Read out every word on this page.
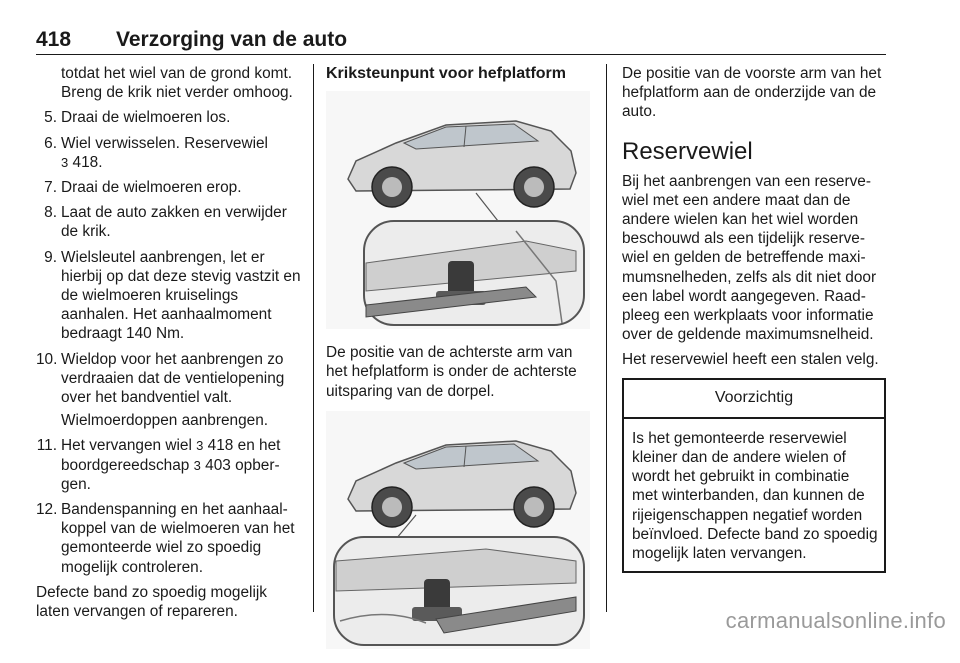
418 Verzorging van de auto

totdat het wiel van de grond komt. Breng de krik niet verder omhoog.

5. Draai de wielmoeren los.
6. Wiel verwisselen. Reservewiel
3 418.
7. Draai de wielmoeren erop.
8. Laat de auto zakken en verwijder de krik.
9. Wielsleutel aanbrengen, let er hierbij op dat deze stevig vastzit en de wielmoeren kruiselings aanhalen. Het aanhaalmoment bedraagt 140 Nm.
10. Wieldop voor het aanbrengen zo verdraaien dat de ventielopening over het bandventiel valt.

Wielmoerdoppen aanbrengen.

11. Het vervangen wiel 3 418 en het boordgereedschap 3 403 opbergen.
12. Bandenspanning en het aanhaalkoppel van de wielmoeren van het gemonteerde wiel zo spoedig mogelijk controleren.

Defecte band zo spoedig mogelijk laten vervangen of repareren.

Kriksteunpunt voor hefplatform

De positie van de achterste arm van het hefplatform is onder de achterste uitsparing van de dorpel.

De positie van de voorste arm van het hefplatform aan de onderzijde van de auto.

Reservewiel

Bij het aanbrengen van een reservewiel met een andere maat dan de andere wielen kan het wiel worden beschouwd als een tijdelijk reservewiel en gelden de betreffende maximumsnelheden, zelfs als dit niet door een label wordt aangegeven. Raadpleeg een werkplaats voor informatie over de geldende maximumsnelheid.

Het reservewiel heeft een stalen velg.

Voorzichtig
Is het gemonteerde reservewiel kleiner dan de andere wielen of wordt het gebruikt in combinatie met winterbanden, dan kunnen de rijeigenschappen negatief worden beïnvloed. Defecte band zo spoedig mogelijk laten vervangen.
carmanualsonline.info
